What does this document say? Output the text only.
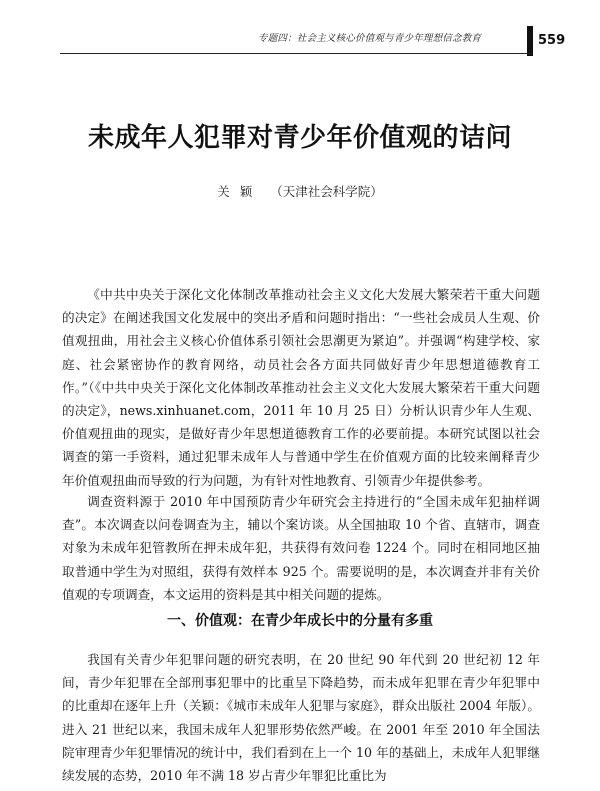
专题四：社会主义核心价值观与青少年理想信念教育	559
未成年人犯罪对青少年价值观的诘问
关颖 （天津社会科学院）

《中共中央关于深化文化体制改革推动社会主义文化大发展大繁荣若干重大问题的决定》在阐述我国文化发展中的突出矛盾和问题时指出：“一些社会成员人生观、价值观扭曲，用社会主义核心价值体系引领社会思潮更为紧迫”。并强调“构建学校、家庭、社会紧密协作的教育网络，动员社会各方面共同做好青少年思想道德教育工作。”（《中共中央关于深化文化体制改革推动社会主义文化大发展大繁荣若干重大问题的决定》，news.xinhuanet.com，2011 年 10 月 25 日）分析认识青少年人生观、价值观扭曲的现实，是做好青少年思想道德教育工作的必要前提。本研究试图以社会调查的第一手资料，通过犯罪未成年人与普通中学生在价值观方面的比较来阐释青少年价值观扭曲而导致的行为问题，为有针对性地教育、引领青少年提供参考。

调查资料源于 2010 年中国预防青少年研究会主持进行的“全国未成年犯抽样调查”。本次调查以问卷调查为主，辅以个案访谈。从全国抽取 10 个省、直辖市，调查对象为未成年犯管教所在押未成年犯，共获得有效问卷 1224 个。同时在相同地区抽取普通中学生为对照组，获得有效样本 925 个。需要说明的是，本次调查并非有关价值观的专项调查，本文运用的资料是其中相关问题的提炼。

一、价值观：在青少年成长中的分量有多重

我国有关青少年犯罪问题的研究表明，在 20 世纪 90 年代到 20 世纪初 12 年间，青少年犯罪在全部刑事犯罪中的比重呈下降趋势，而未成年犯罪在青少年犯罪中的比重却在逐年上升（关颖：《城市未成年人犯罪与家庭》，群众出版社 2004 年版）。进入 21 世纪以来，我国未成年人犯罪形势依然严峻。在 2001 年至 2010 年全国法院审理青少年犯罪情况的统计中，我们看到在上一个 10 年的基础上，未成年人犯罪继续发展的态势，2010 年不满 18 岁占青少年罪犯比重比为
